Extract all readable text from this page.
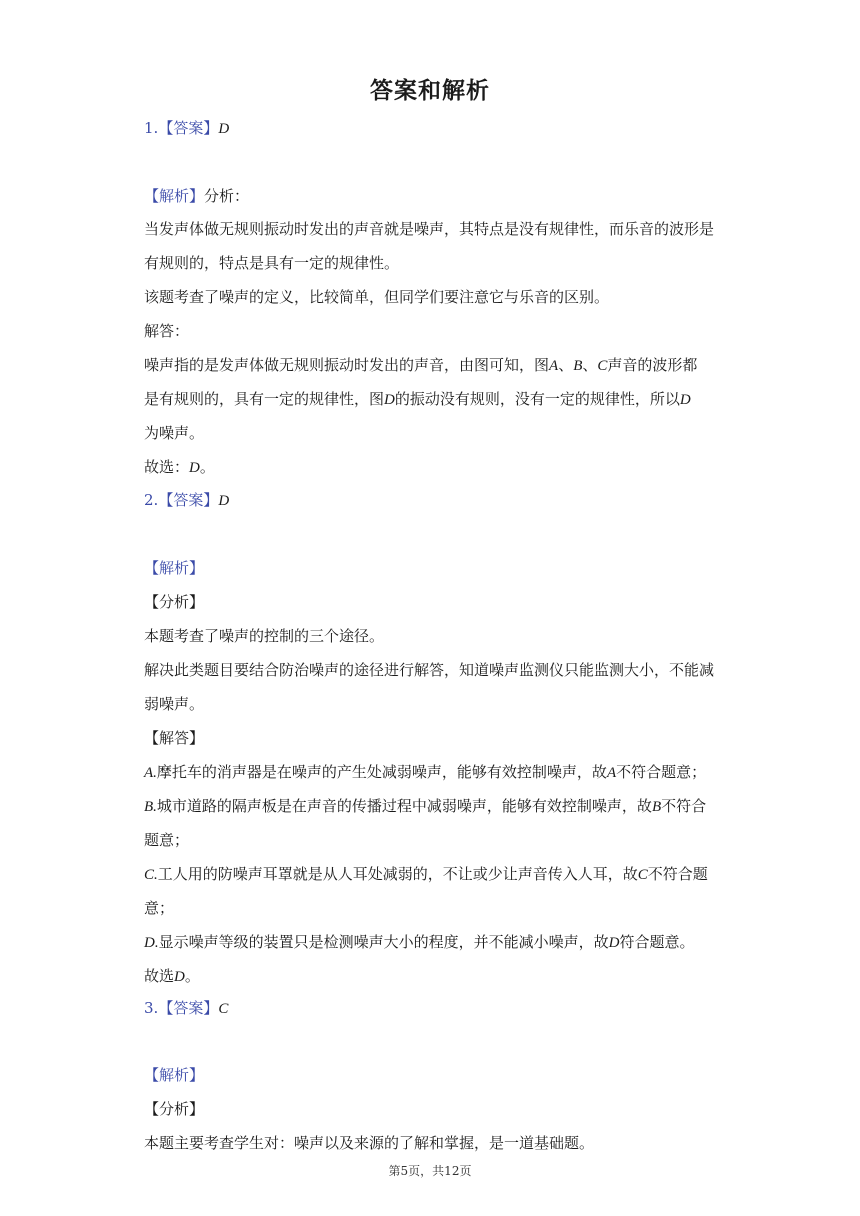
答案和解析
1.【答案】D
【解析】分析：
当发声体做无规则振动时发出的声音就是噪声，其特点是没有规律性，而乐音的波形是
有规则的，特点是具有一定的规律性。
该题考查了噪声的定义，比较简单，但同学们要注意它与乐音的区别。
解答：
噪声指的是发声体做无规则振动时发出的声音，由图可知，图A、B、C声音的波形都
是有规则的，具有一定的规律性，图D的振动没有规则，没有一定的规律性，所以D
为噪声。
故选：D。
2.【答案】D
【解析】
【分析】
本题考查了噪声的控制的三个途径。
解决此类题目要结合防治噪声的途径进行解答，知道噪声监测仪只能监测大小，不能减
弱噪声。
【解答】
A.摩托车的消声器是在噪声的产生处减弱噪声，能够有效控制噪声，故A不符合题意；
B.城市道路的隔声板是在声音的传播过程中减弱噪声，能够有效控制噪声，故B不符合
题意；
C.工人用的防噪声耳罩就是从人耳处减弱的，不让或少让声音传入人耳，故C不符合题
意；
D.显示噪声等级的装置只是检测噪声大小的程度，并不能减小噪声，故D符合题意。
故选D。
3.【答案】C
【解析】
【分析】
本题主要考查学生对：噪声以及来源的了解和掌握，是一道基础题。
第5页，共12页
